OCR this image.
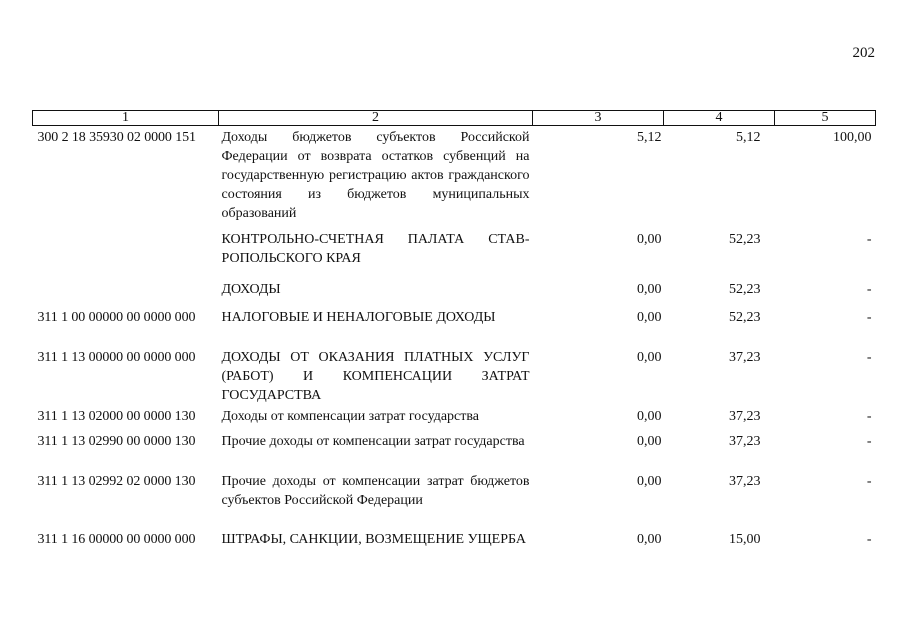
202
1	2	3	4	5
300 2 18 35930 02 0000 151	Доходы бюджетов субъектов Российской Федерации от возврата остатков субвенций на государственную регистрацию актов гражданского состояния из бюджетов муниципальных образований	5,12	5,12	100,00
	КОНТРОЛЬНО-СЧЕТНАЯ ПАЛАТА СТАВ-РОПОЛЬСКОГО КРАЯ	0,00	52,23	-
	ДОХОДЫ	0,00	52,23	-
311 1 00 00000 00 0000 000	НАЛОГОВЫЕ И НЕНАЛОГОВЫЕ ДОХОДЫ	0,00	52,23	-
311 1 13 00000 00 0000 000	ДОХОДЫ ОТ ОКАЗАНИЯ ПЛАТНЫХ УСЛУГ (РАБОТ) И КОМПЕНСАЦИИ ЗАТРАТ ГОСУДАРСТВА	0,00	37,23	-
311 1 13 02000 00 0000 130	Доходы от компенсации затрат государства	0,00	37,23	-
311 1 13 02990 00 0000 130	Прочие доходы от компенсации затрат государства	0,00	37,23	-
311 1 13 02992 02 0000 130	Прочие доходы от компенсации затрат бюджетов субъектов Российской Федерации	0,00	37,23	-
311 1 16 00000 00 0000 000	ШТРАФЫ, САНКЦИИ, ВОЗМЕЩЕНИЕ УЩЕРБА	0,00	15,00	-
